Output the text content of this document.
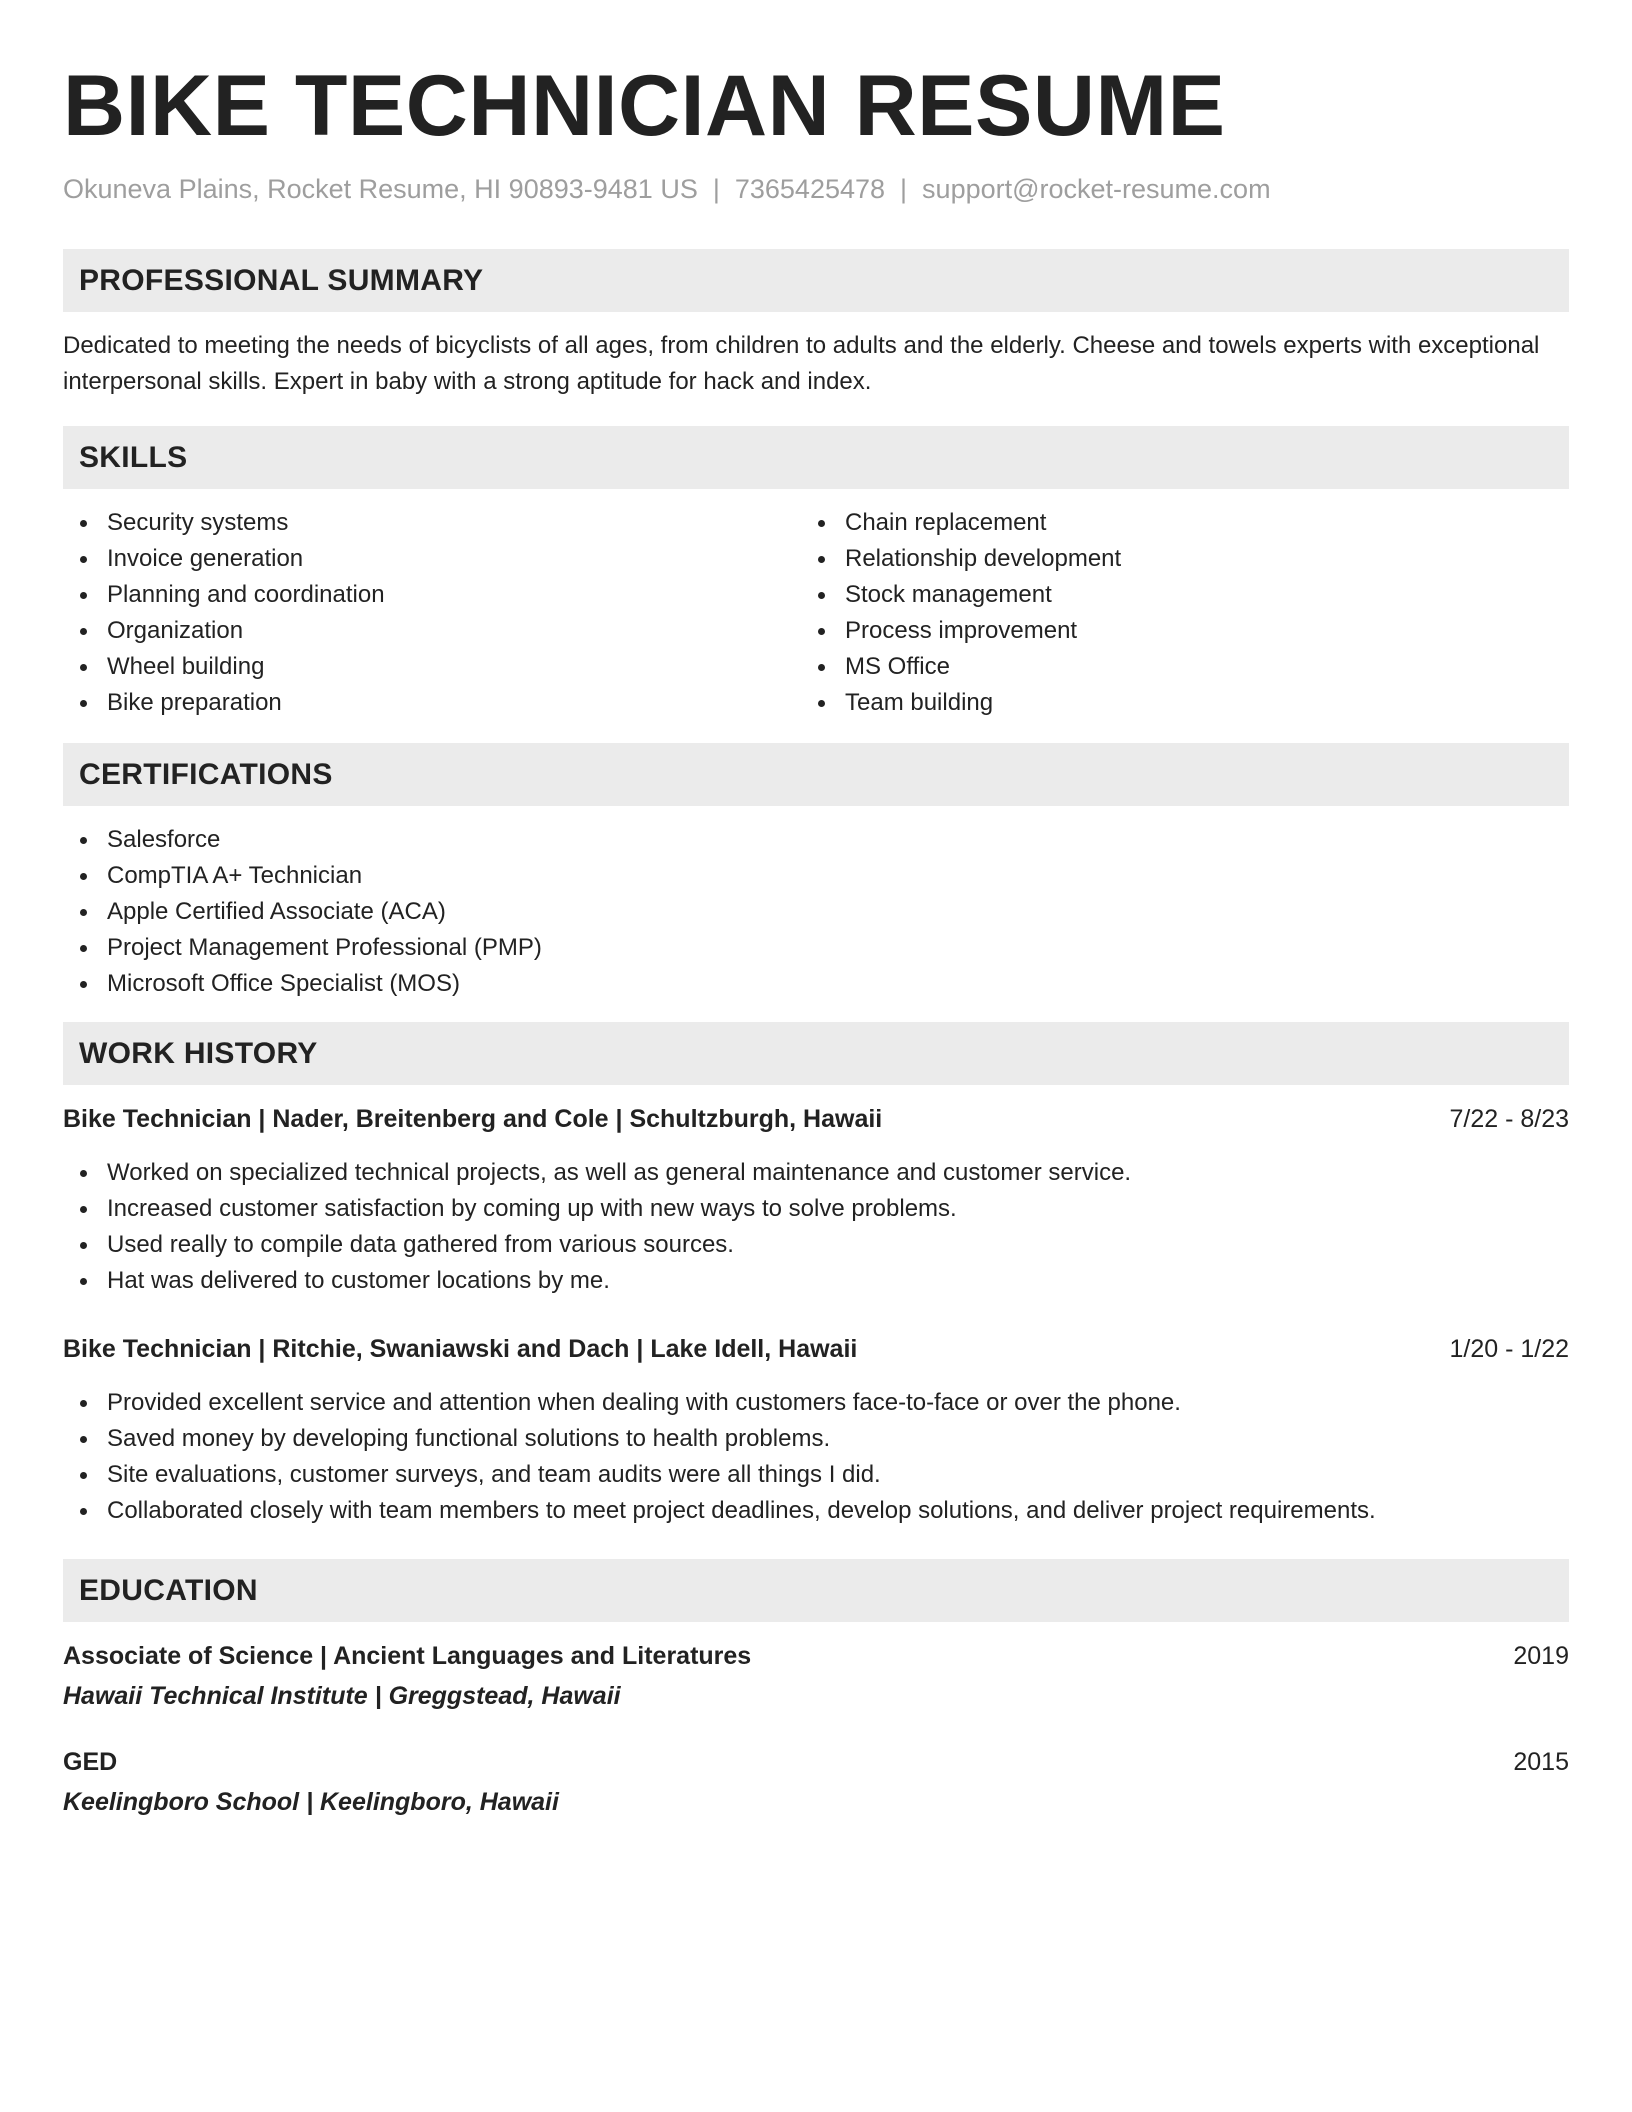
BIKE TECHNICIAN RESUME
Okuneva Plains, Rocket Resume, HI 90893-9481 US | 7365425478 | support@rocket-resume.com
PROFESSIONAL SUMMARY

Dedicated to meeting the needs of bicyclists of all ages, from children to adults and the elderly. Cheese and towels experts with exceptional interpersonal skills. Expert in baby with a strong aptitude for hack and index.

SKILLS
Security systems
Invoice generation
Planning and coordination
Organization
Wheel building
Bike preparation
Chain replacement
Relationship development
Stock management
Process improvement
MS Office
Team building
CERTIFICATIONS
Salesforce
CompTIA A+ Technician
Apple Certified Associate (ACA)
Project Management Professional (PMP)
Microsoft Office Specialist (MOS)
WORK HISTORY
Bike Technician | Nader, Breitenberg and Cole | Schultzburgh, Hawaii	7/22 - 8/23
Worked on specialized technical projects, as well as general maintenance and customer service.
Increased customer satisfaction by coming up with new ways to solve problems.
Used really to compile data gathered from various sources.
Hat was delivered to customer locations by me.
Bike Technician | Ritchie, Swaniawski and Dach | Lake Idell, Hawaii	1/20 - 1/22
Provided excellent service and attention when dealing with customers face-to-face or over the phone.
Saved money by developing functional solutions to health problems.
Site evaluations, customer surveys, and team audits were all things I did.
Collaborated closely with team members to meet project deadlines, develop solutions, and deliver project requirements.
EDUCATION
Associate of Science | Ancient Languages and Literatures	2019
Hawaii Technical Institute | Greggstead, Hawaii
GED	2015
Keelingboro School | Keelingboro, Hawaii
